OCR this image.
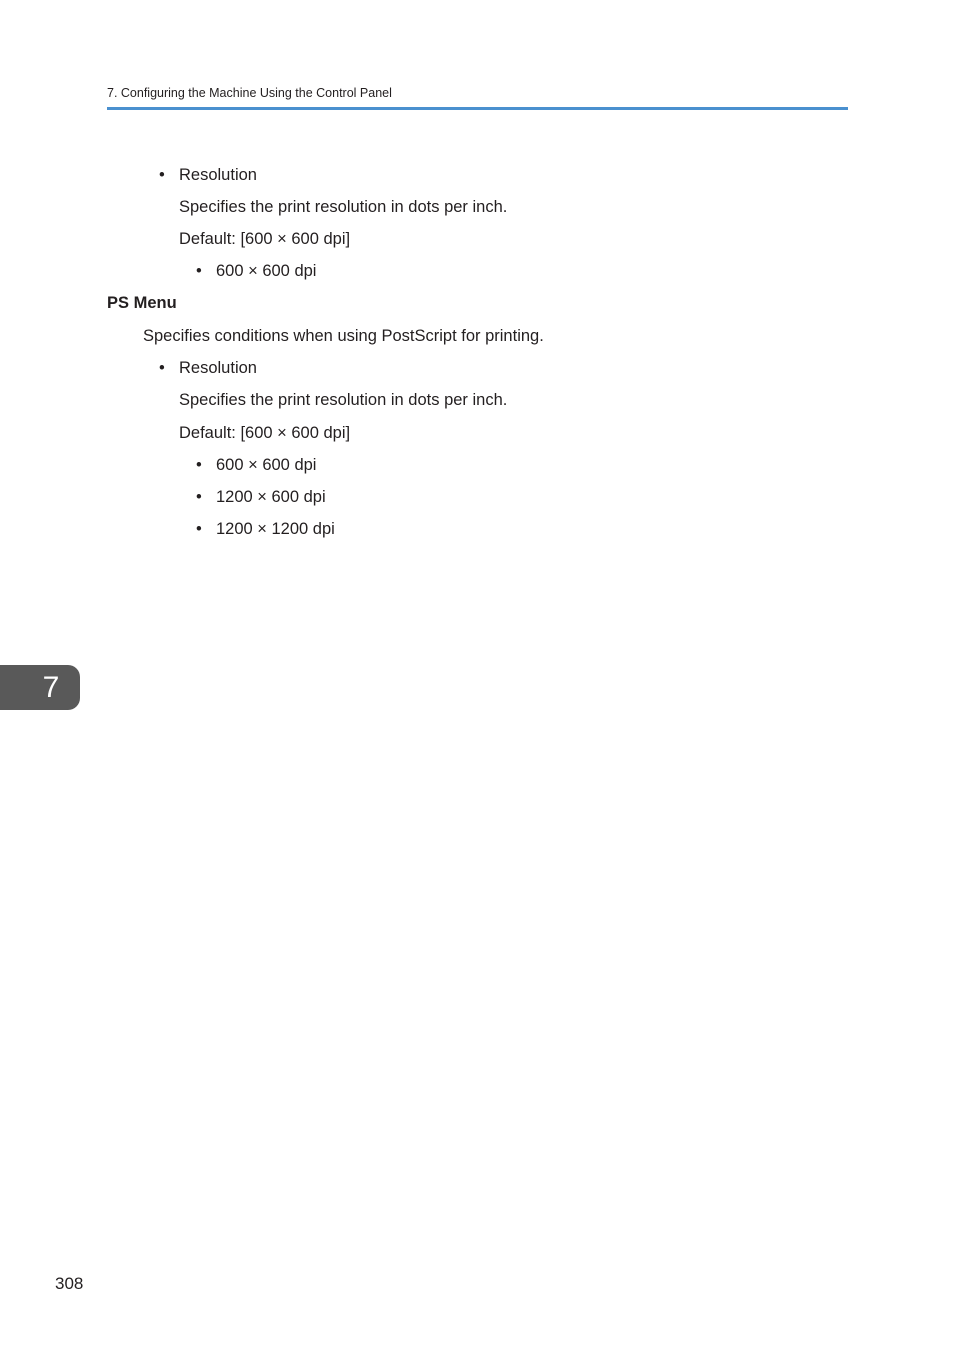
7. Configuring the Machine Using the Control Panel
• Resolution
Specifies the print resolution in dots per inch.
Default: [600 × 600 dpi]
• 600 × 600 dpi
PS Menu
Specifies conditions when using PostScript for printing.
• Resolution
Specifies the print resolution in dots per inch.
Default: [600 × 600 dpi]
• 600 × 600 dpi
• 1200 × 600 dpi
• 1200 × 1200 dpi
7
308
